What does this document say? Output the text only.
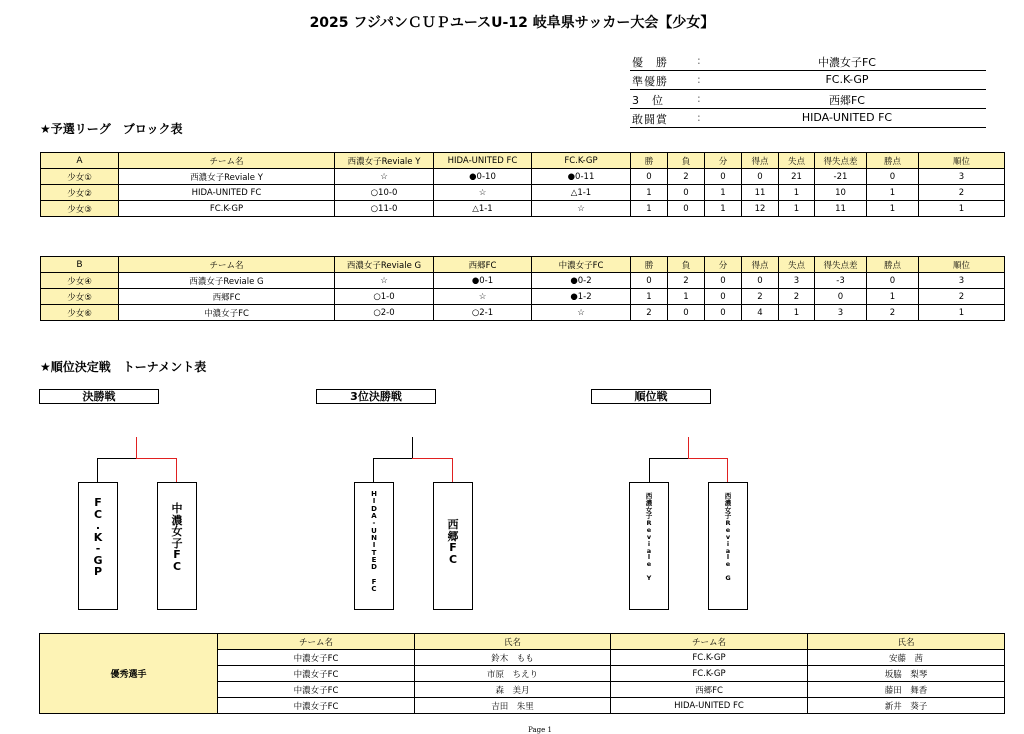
2025 フジパンＣＵＰユースU-12 岐阜県サッカー大会【少女】
優　勝	:	中濃女子FC
準優勝	:	FC.K-GP
3　位	:	西郷FC
敢闘賞	:	HIDA-UNITED FC
★予選リーグ　ブロック表
A	チーム名	西濃女子Reviale Y	HIDA-UNITED FC	FC.K-GP	勝	負	分	得点	失点	得失点差	勝点	順位
少女①	西濃女子Reviale Y	☆	●0-10	●0-11	0	2	0	0	21	-21	0	3
少女②	HIDA-UNITED FC	○10-0	☆	△1-1	1	0	1	11	1	10	1	2
少女③	FC.K-GP	○11-0	△1-1	☆	1	0	1	12	1	11	1	1
B	チーム名	西濃女子Reviale G	西郷FC	中濃女子FC	勝	負	分	得点	失点	得失点差	勝点	順位
少女④	西濃女子Reviale G	☆	●0-1	●0-2	0	2	0	0	3	-3	0	3
少女⑤	西郷FC	○1-0	☆	●1-2	1	1	0	2	2	0	1	2
少女⑥	中濃女子FC	○2-0	○2-1	☆	2	0	0	4	1	3	2	1
★順位決定戦　トーナメント表
決勝戦
F
C
.
K
-
G
P
中
濃
女
子
F
C
3位決勝戦
H
I
D
A
-
U
N
I
T
E
D

F
C
西
郷
F
C
順位戦
西
濃
女
子
R
e
v
i
a
l
e

Y
西
濃
女
子
R
e
v
i
a
l
e

G
優秀選手	チーム名	氏名	チーム名	氏名
	中濃女子FC	鈴木　もも	FC.K-GP	安藤　茜
	中濃女子FC	市原　ちえり	FC.K-GP	坂脇　梨琴
	中濃女子FC	森　美月	西郷FC	藤田　舞香
	中濃女子FC	吉田　朱里	HIDA-UNITED FC	新井　葵子
Page 1
